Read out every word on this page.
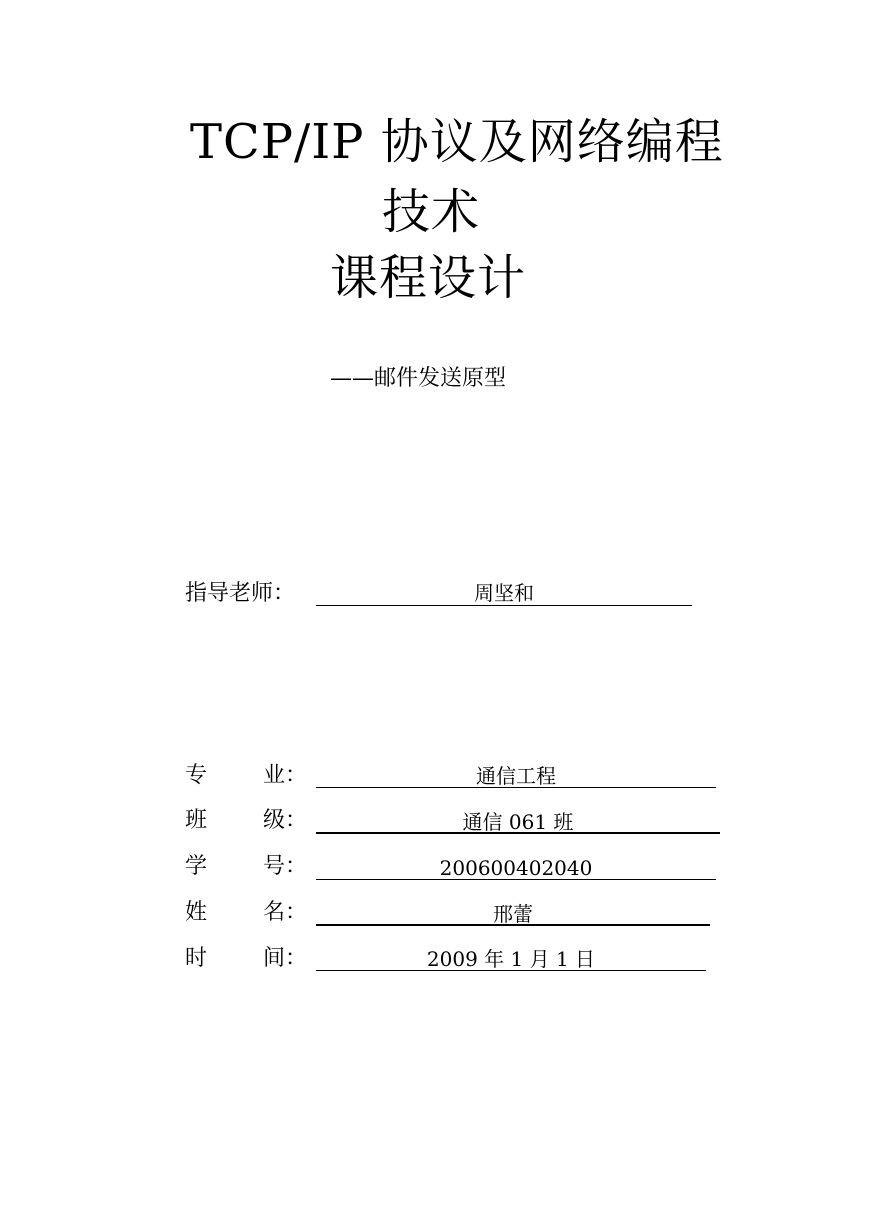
TCP/IP 协议及网络编程
技术
课程设计
——邮件发送原型
指导老师：	周坚和
专	业：	通信工程
班	级：	通信 061 班
学	号：	200600402040
姓	名：	邢蕾
时	间：	2009 年 1 月 1 日
